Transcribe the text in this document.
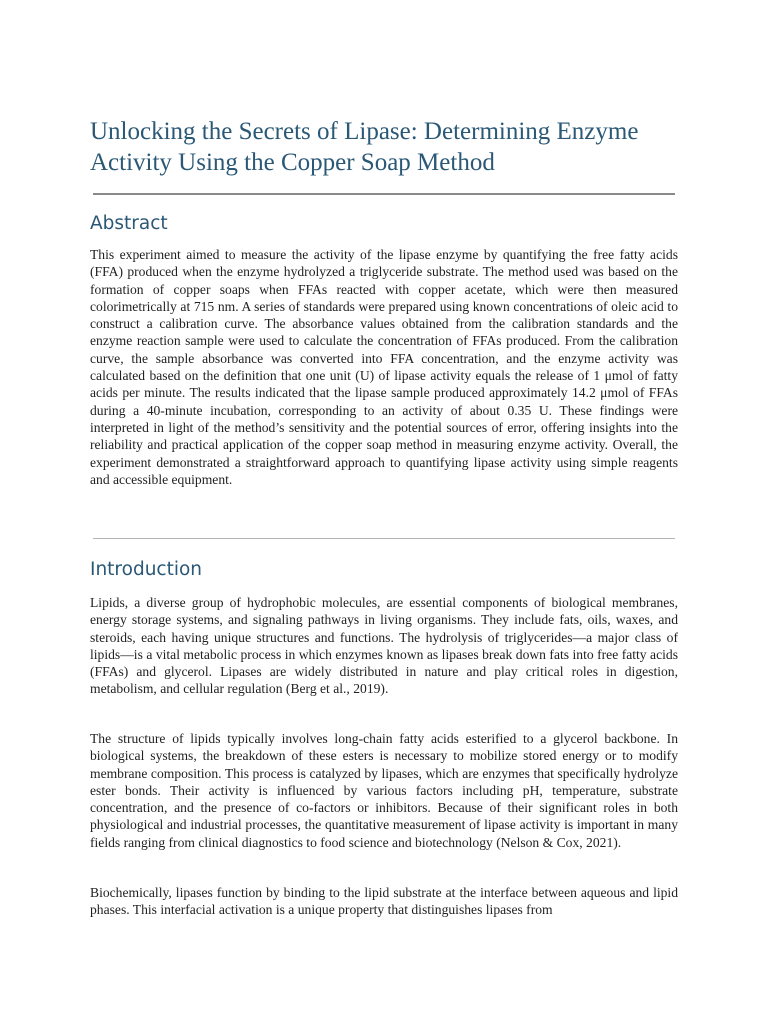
Unlocking the Secrets of Lipase: Determining Enzyme Activity Using the Copper Soap Method
Abstract

This experiment aimed to measure the activity of the lipase enzyme by quantifying the free fatty acids (FFA) produced when the enzyme hydrolyzed a triglyceride substrate. The method used was based on the formation of copper soaps when FFAs reacted with copper acetate, which were then measured colorimetrically at 715 nm. A series of standards were prepared using known concentrations of oleic acid to construct a calibration curve. The absorbance values obtained from the calibration standards and the enzyme reaction sample were used to calculate the concentration of FFAs produced. From the calibration curve, the sample absorbance was converted into FFA concentration, and the enzyme activity was calculated based on the definition that one unit (U) of lipase activity equals the release of 1 μmol of fatty acids per minute. The results indicated that the lipase sample produced approximately 14.2 μmol of FFAs during a 40-minute incubation, corresponding to an activity of about 0.35 U. These findings were interpreted in light of the method’s sensitivity and the potential sources of error, offering insights into the reliability and practical application of the copper soap method in measuring enzyme activity. Overall, the experiment demonstrated a straightforward approach to quantifying lipase activity using simple reagents and accessible equipment.

Introduction

Lipids, a diverse group of hydrophobic molecules, are essential components of biological membranes, energy storage systems, and signaling pathways in living organisms. They include fats, oils, waxes, and steroids, each having unique structures and functions. The hydrolysis of triglycerides—a major class of lipids—is a vital metabolic process in which enzymes known as lipases break down fats into free fatty acids (FFAs) and glycerol. Lipases are widely distributed in nature and play critical roles in digestion, metabolism, and cellular regulation (Berg et al., 2019).

The structure of lipids typically involves long-chain fatty acids esterified to a glycerol backbone. In biological systems, the breakdown of these esters is necessary to mobilize stored energy or to modify membrane composition. This process is catalyzed by lipases, which are enzymes that specifically hydrolyze ester bonds. Their activity is influenced by various factors including pH, temperature, substrate concentration, and the presence of co-factors or inhibitors. Because of their significant roles in both physiological and industrial processes, the quantitative measurement of lipase activity is important in many fields ranging from clinical diagnostics to food science and biotechnology (Nelson & Cox, 2021).

Biochemically, lipases function by binding to the lipid substrate at the interface between aqueous and lipid phases. This interfacial activation is a unique property that distinguishes lipases from
